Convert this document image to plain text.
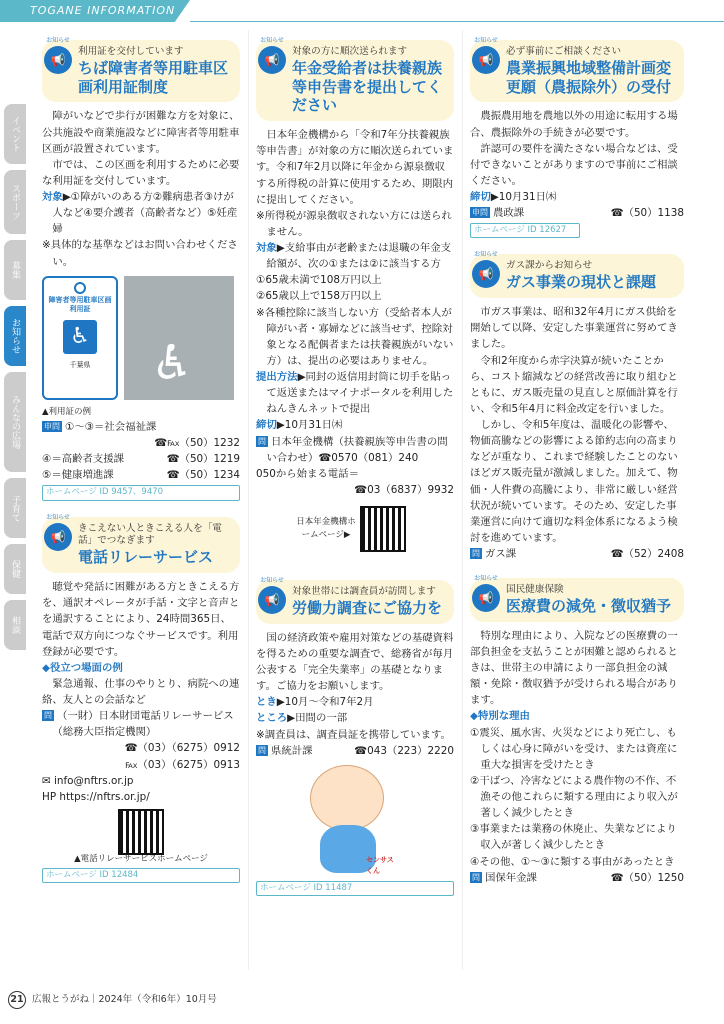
TOGANE INFORMATION
イベント
スポーツ
募集
お知らせ
みんなの広場
子育て
保健
相談
お知らせ
📢
利用証を交付しています
ちば障害者等用駐車区画利用証制度

障がいなどで歩行が困難な方を対象に、公共施設や商業施設などに障害者等用駐車区画が設置されています。

市では、この区画を利用するために必要な利用証を交付しています。

対象▶①障がいのある方②難病患者③けが人など④要介護者（高齢者など）⑤妊産婦
※具体的な基準などはお問い合わせください。
障害者等用駐車区画 利用証
♿
千葉県	♿
▲利用証の例
申問 ①～③＝社会福祉課
☎℻（50）1232
④＝高齢者支援課	☎（50）1219
⑤＝健康増進課	☎（50）1234
ホームページ ID 9457、9470
お知らせ
📢
きこえない人ときこえる人を「電話」でつなぎます
電話リレーサービス

聴覚や発話に困難がある方ときこえる方を、通訳オペレータが手話・文字と音声とを通訳することにより、24時間365日、電話で双方向につなぐサービスです。利用登録が必要です。

◆役立つ場面の例

緊急通報、仕事のやりとり、病院への連絡、友人との会話など

問 （一財）日本財団電話リレーサービス（総務大臣指定機関）
☎（03）（6275）0912
℻（03）（6275）0913
✉ info@nftrs.or.jp
HP https://nftrs.or.jp/
▲電話リレーサービスホームページ
ホームページ ID 12484
お知らせ
📢
対象の方に順次送られます
年金受給者は扶養親族等申告書を提出してください

日本年金機構から「令和7年分扶養親族等申告書」が対象の方に順次送られています。令和7年2月以降に年金から源泉徴収する所得税の計算に使用するため、期限内に提出してください。

※所得税が源泉徴収されない方には送られません。
対象▶支給事由が老齢または退職の年金支給額が、次の①または②に該当する方
①65歳未満で108万円以上
②65歳以上で158万円以上
※各種控除に該当しない方（受給者本人が障がい者・寡婦などに該当せず、控除対象となる配偶者または扶養親族がいない方）は、提出の必要はありません。
提出方法▶同封の返信用封筒に切手を貼って返送またはマイナポータルを利用したねんきんネットで提出
締切▶10月31日㈭
問 日本年金機構（扶養親族等申告書の問い合わせ）☎0570（081）240
050から始まる電話＝
☎03（6837）9932
日本年金機構ホームページ▶
お知らせ
📢
対象世帯には調査員が訪問します
労働力調査にご協力を

国の経済政策や雇用対策などの基礎資料を得るための重要な調査で、総務省が毎月公表する「完全失業率」の基礎となります。ご協力をお願いします。

とき▶10月～令和7年2月
ところ▶田間の一部
※調査員は、調査員証を携帯しています。
問 県統計課	☎043（223）2220
センサスくん
ホームページ ID 11487
お知らせ
📢
必ず事前にご相談ください
農業振興地域整備計画変更願（農振除外）の受付

農振農用地を農地以外の用途に転用する場合、農振除外の手続きが必要です。

許認可の要件を満たさない場合などは、受付できないことがありますので事前にご相談ください。

締切▶10月31日㈭
申問 農政課	☎（50）1138
ホームページ ID 12627
お知らせ
📢
ガス課からお知らせ
ガス事業の現状と課題

市ガス事業は、昭和32年4月にガス供給を開始して以降、安定した事業運営に努めてきました。

令和2年度から赤字決算が続いたことから、コスト縮減などの経営改善に取り組むとともに、ガス販売量の見直しと原価計算を行い、令和5年4月に料金改定を行いました。

しかし、令和5年度は、温暖化の影響や、物価高騰などの影響による節約志向の高まりなどが重なり、これまで経験したことのないほどガス販売量が激減しました。加えて、物価・人件費の高騰により、非常に厳しい経営状況が続いています。そのため、安定した事業運営に向けて適切な料金体系になるよう検討を進めています。

問 ガス課	☎（52）2408
お知らせ
📢
国民健康保険
医療費の減免・徴収猶予

特別な理由により、入院などの医療費の一部負担金を支払うことが困難と認められるときは、世帯主の申請により一部負担金の減額・免除・徴収猶予が受けられる場合があります。

◆特別な理由
①震災、風水害、火災などにより死亡し、もしくは心身に障がいを受け、または資産に重大な損害を受けたとき
②干ばつ、冷害などによる農作物の不作、不漁その他これらに類する理由により収入が著しく減少したとき
③事業または業務の休廃止、失業などにより収入が著しく減少したとき
④その他、①～③に類する事由があったとき
問 国保年金課	☎（50）1250
21 広報とうがね｜2024年（令和6年）10月号
